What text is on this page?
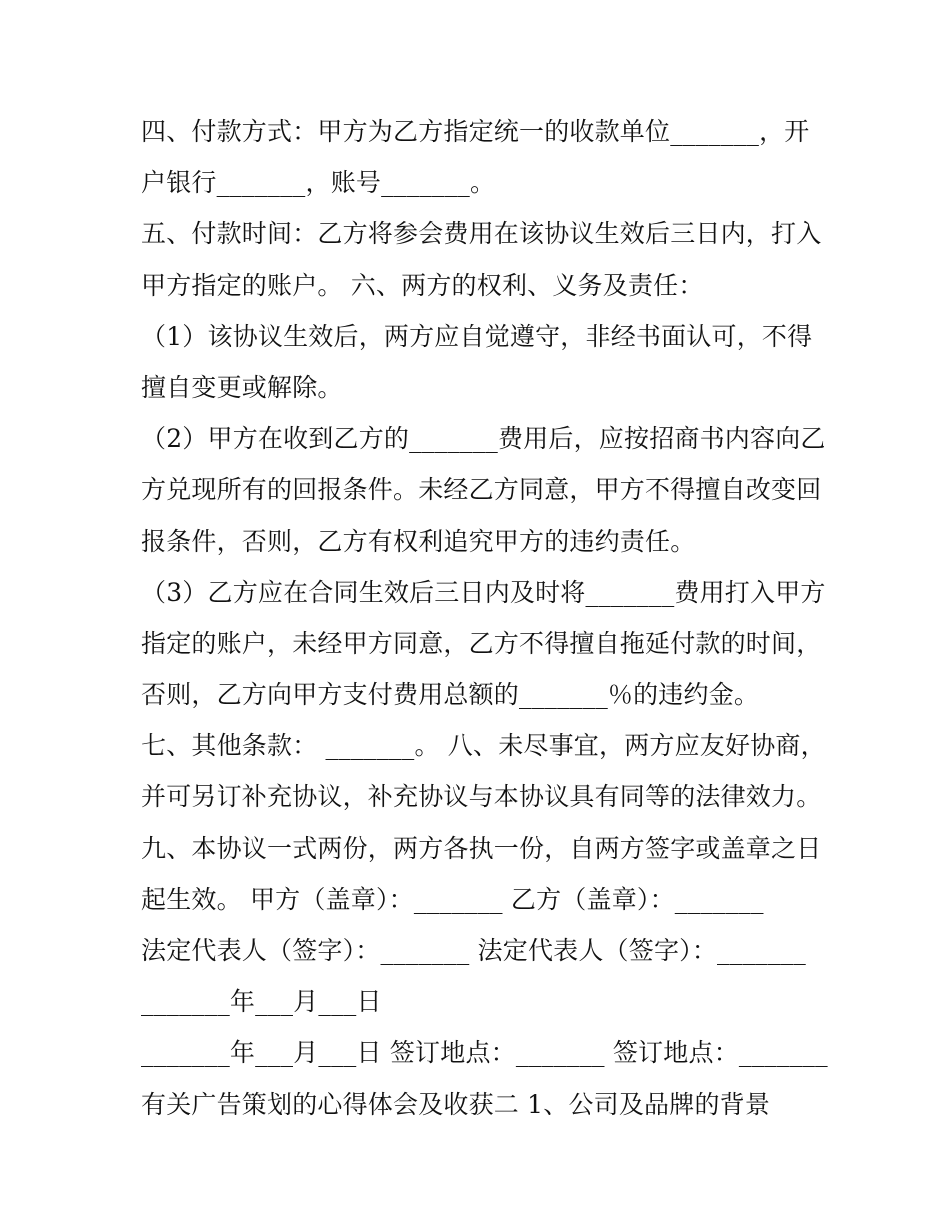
四、付款方式：甲方为乙方指定统一的收款单位_______，开
户银行_______，账号_______。
五、付款时间：乙方将参会费用在该协议生效后三日内，打入
甲方指定的账户。 六、两方的权利、义务及责任：
（1）该协议生效后，两方应自觉遵守，非经书面认可，不得
擅自变更或解除。
（2）甲方在收到乙方的_______费用后，应按招商书内容向乙
方兑现所有的回报条件。未经乙方同意，甲方不得擅自改变回
报条件，否则，乙方有权利追究甲方的违约责任。
（3）乙方应在合同生效后三日内及时将_______费用打入甲方
指定的账户，未经甲方同意，乙方不得擅自拖延付款的时间，
否则，乙方向甲方支付费用总额的_______％的违约金。
七、其他条款： _______。 八、未尽事宜，两方应友好协商，
并可另订补充协议，补充协议与本协议具有同等的法律效力。
九、本协议一式两份，两方各执一份，自两方签字或盖章之日
起生效。 甲方（盖章）：_______ 乙方（盖章）：_______
法定代表人（签字）：_______ 法定代表人（签字）：_______
_______年___月___日
_______年___月___日 签订地点：_______ 签订地点：_______
有关广告策划的心得体会及收获二 1、公司及品牌的背景
